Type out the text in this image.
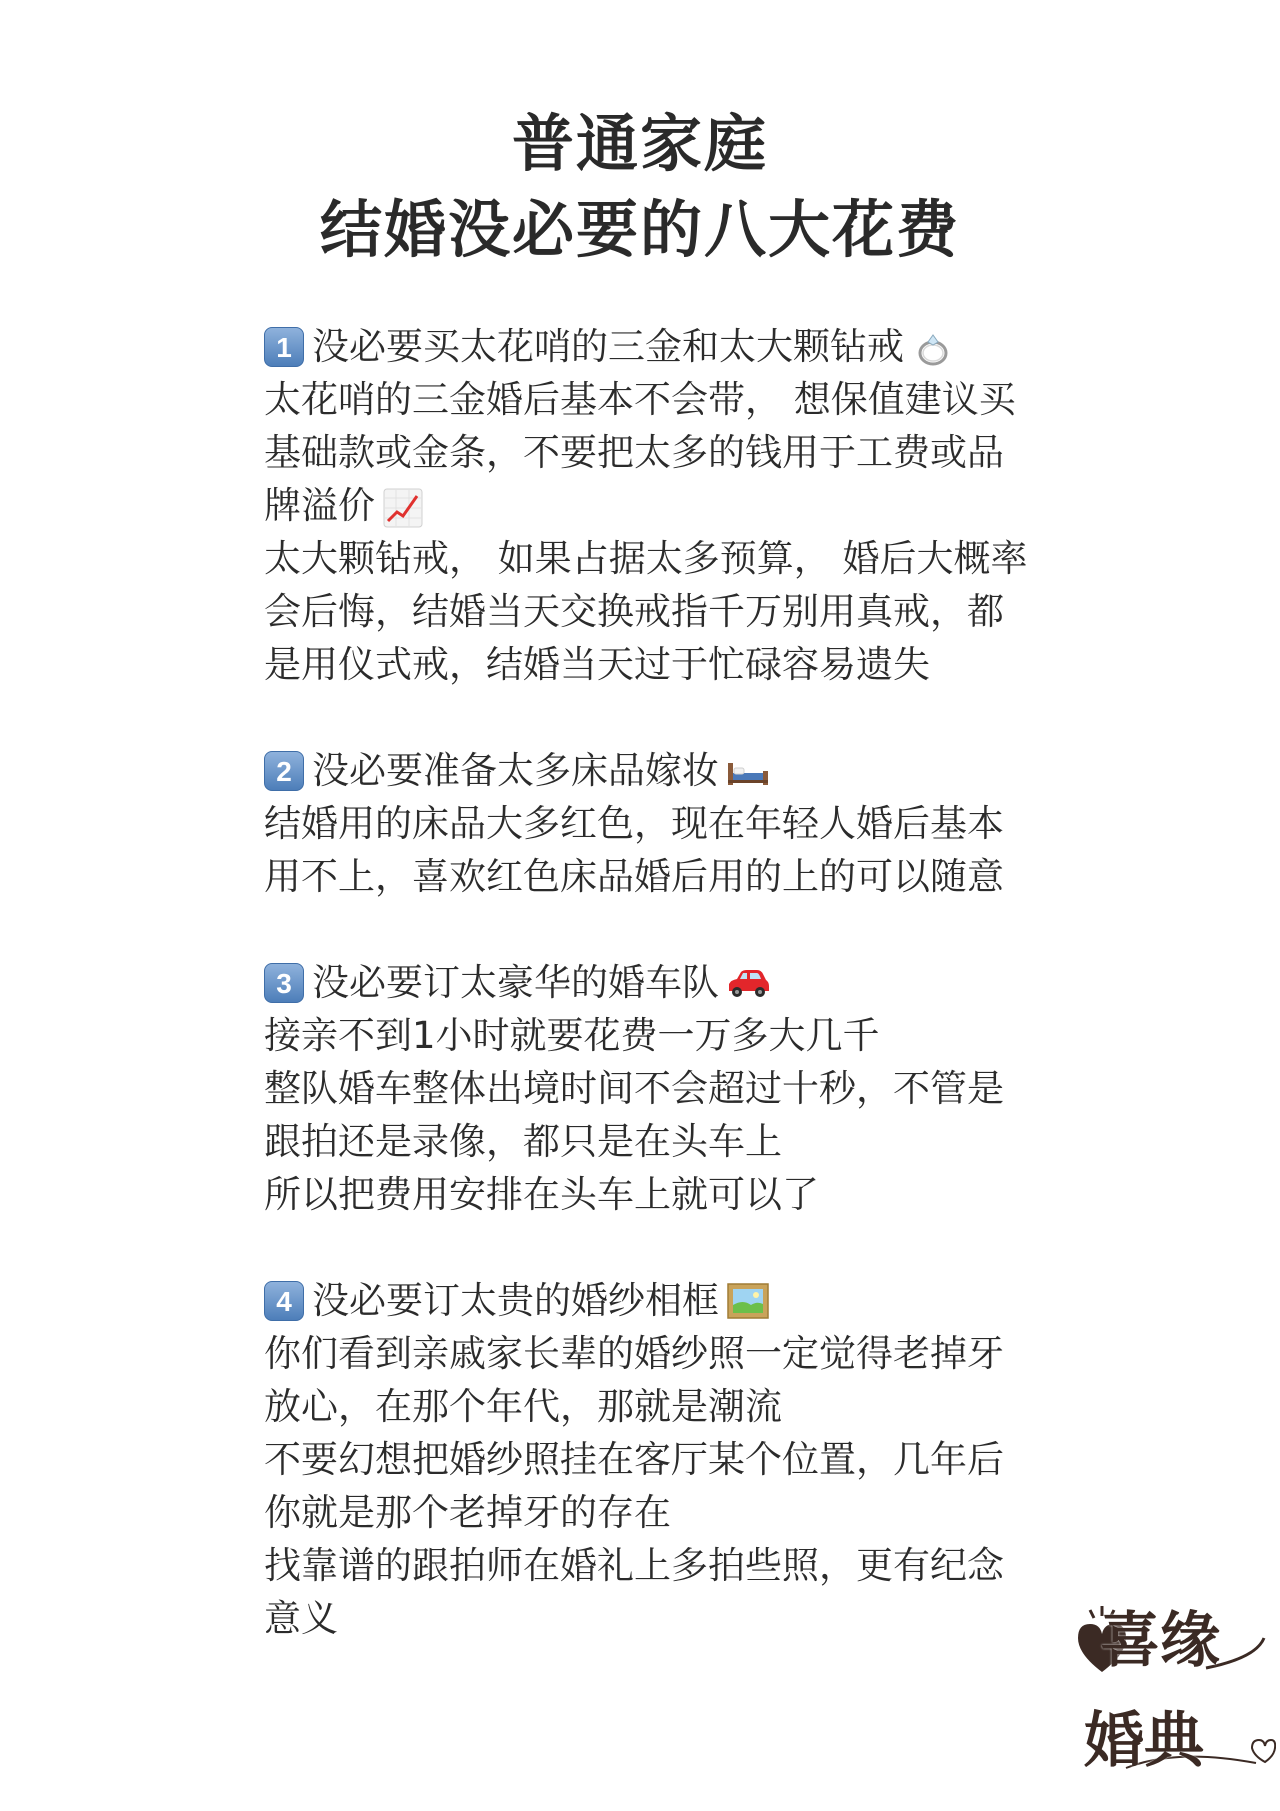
普通家庭
结婚没必要的八大花费
1 没必要买太花哨的三金和太大颗钻戒
太花哨的三金婚后基本不会带， 想保值建议买
基础款或金条，不要把太多的钱用于工费或品
牌溢价
太大颗钻戒， 如果占据太多预算， 婚后大概率
会后悔，结婚当天交换戒指千万别用真戒，都
是用仪式戒，结婚当天过于忙碌容易遗失
2 没必要准备太多床品嫁妆
结婚用的床品大多红色，现在年轻人婚后基本
用不上，喜欢红色床品婚后用的上的可以随意
3 没必要订太豪华的婚车队
接亲不到1小时就要花费一万多大几千
整队婚车整体出境时间不会超过十秒，不管是
跟拍还是录像，都只是在头车上
所以把费用安排在头车上就可以了
4 没必要订太贵的婚纱相框
你们看到亲戚家长辈的婚纱照一定觉得老掉牙
放心，在那个年代，那就是潮流
不要幻想把婚纱照挂在客厅某个位置，几年后
你就是那个老掉牙的存在
找靠谱的跟拍师在婚礼上多拍些照，更有纪念
意义	喜缘
婚典
